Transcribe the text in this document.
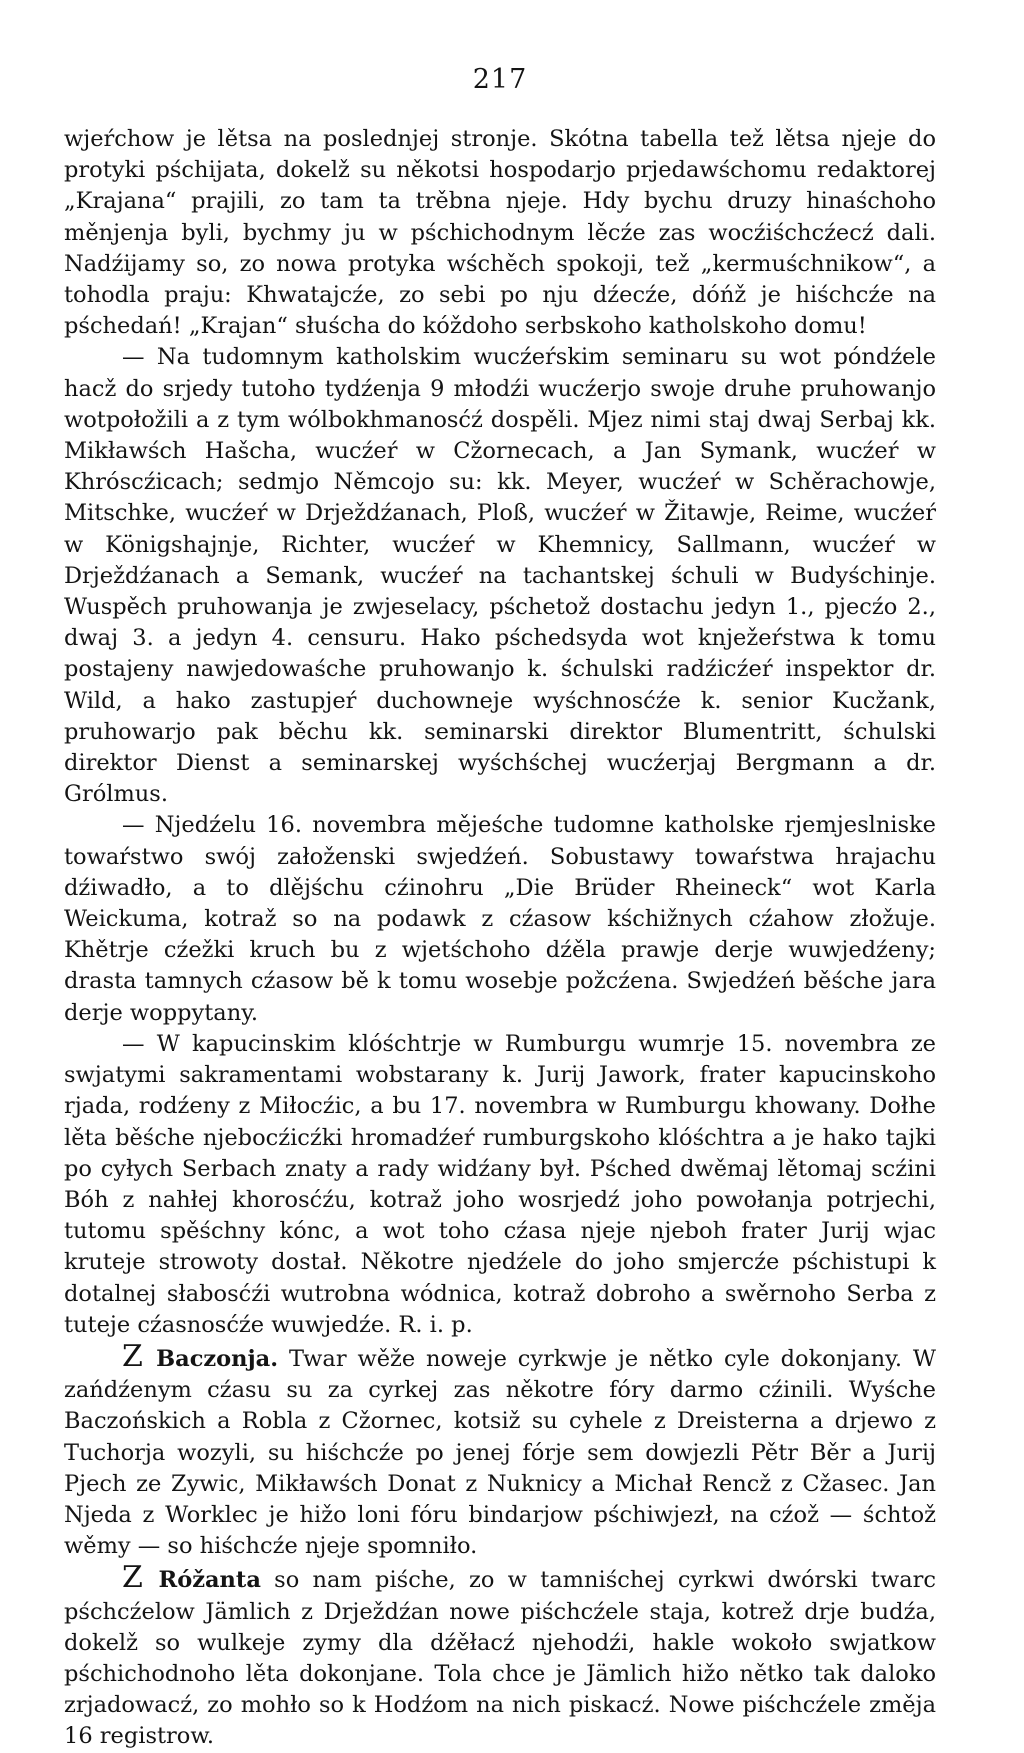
217

wjeŕchow je lětsa na poslednjej stronje. Skótna tabella tež lětsa njeje do protyki pśchijata, dokelž su někotsi hospodarjo prjedawśchomu redaktorej „Krajana“ prajili, zo tam ta trěbna njeje. Hdy bychu druzy hinaśchoho měnjenja byli, bychmy ju w pśchichodnym lěcźe zas wocźiśchcźecź dali. Nadźijamy so, zo nowa protyka wśchěch spokoji, tež „kermuśchnikow“, a tohodla praju: Khwatajcźe, zo sebi po nju dźecźe, dóńž je hiśchcźe na pśchedań! „Krajan“ słuścha do kóždoho serbskoho katholskoho domu!

— Na tudomnym katholskim wucźeŕskim seminaru su wot póndźele hacž do srjedy tutoho tydźenja 9 młodźi wucźerjo swoje druhe pruhowanjo wotpołožili a z tym wólbokhmanosćź dospěli. Mjez nimi staj dwaj Serbaj kk. Mikławśch Hašcha, wucźeŕ w Cžornecach, a Jan Symank, wucźeŕ w Khróscźicach; sedmjo Němcojo su: kk. Meyer, wucźeŕ w Schěrachowje, Mitschke, wucźeŕ w Drježdźanach, Ploß, wucźeŕ w Žitawje, Reime, wucźeŕ w Königshajnje, Richter, wucźeŕ w Khemnicy, Sallmann, wucźeŕ w Drježdźanach a Semank, wucźeŕ na tachantskej śchuli w Budyśchinje. Wuspěch pruhowanja je zwjeselacy, pśchetož dostachu jedyn 1., pjecźo 2., dwaj 3. a jedyn 4. censuru. Hako pśchedsyda wot knježeŕstwa k tomu postajeny nawjedowaśche pruhowanjo k. śchulski radźicźeŕ inspektor dr. Wild, a hako zastupjeŕ duchowneje wyśchnosćźe k. senior Kucžank, pruhowarjo pak běchu kk. seminarski direktor Blumentritt, śchulski direktor Dienst a seminarskej wyśchśchej wucźerjaj Bergmann a dr. Grólmus.

— Njedźelu 16. novembra mějeśche tudomne katholske rjemjeslniske towaŕstwo swój załoženski swjedźeń. Sobustawy towaŕstwa hrajachu dźiwadło, a to dlějśchu cźinohru „Die Brüder Rheineck“ wot Karla Weickuma, kotraž so na podawk z cźasow kśchižnych cźahow złožuje. Khětrje cźežki kruch bu z wjetśchoho dźěla prawje derje wuwjedźeny; drasta tamnych cźasow bě k tomu wosebje požcźena. Swjedźeń běśche jara derje woppytany.

— W kapucinskim klóśchtrje w Rumburgu wumrje 15. novembra ze swjatymi sakramentami wobstarany k. Jurij Jawork, frater kapucinskoho rjada, rodźeny z Miłocźic, a bu 17. novembra w Rumburgu khowany. Dołhe lěta běśche njebocźicźki hromadźeŕ rumburgskoho klóśchtra a je hako tajki po cyłych Serbach znaty a rady widźany był. Pśched dwěmaj lětomaj scźini Bóh z nahłej khorosćźu, kotraž joho wosrjedź joho powołanja potrjechi, tutomu spěśchny kónc, a wot toho cźasa njeje njeboh frater Jurij wjac kruteje strowoty dostał. Někotre njedźele do joho smjercźe pśchistupi k dotalnej słabosćźi wutrobna wódnica, kotraž dobroho a swěrnoho Serba z tuteje cźasnosćźe wuwjedźe. R. i. p.

Z Baczonja. Twar wěže noweje cyrkwje je nětko cyle dokonjany. W zańdźenym cźasu su za cyrkej zas někotre fóry darmo cźinili. Wyśche Baczońskich a Robla z Cžornec, kotsiž su cyhele z Dreisterna a drjewo z Tuchorja wozyli, su hiśchcźe po jenej fórje sem dowjezli Pětr Běr a Jurij Pjech ze Zywic, Mikławśch Donat z Nuknicy a Michał Rencž z Cžasec. Jan Njeda z Worklec je hižo loni fóru bindarjow pśchiwjezł, na cźož — śchtož wěmy — so hiśchcźe njeje spomniło.

Z Róžanta so nam piśche, zo w tamniśchej cyrkwi dwórski twarc pśchcźelow Jämlich z Drježdźan nowe piśchcźele staja, kotrež drje budźa, dokelž so wulkeje zymy dla dźěłacź njehodźi, hakle wokoło swjatkow pśchichodnoho lěta dokonjane. Tola chce je Jämlich hižo nětko tak daloko zrjadowacź, zo mohło so k Hodźom na nich piskacź. Nowe piśchcźele změja 16 registrow.
